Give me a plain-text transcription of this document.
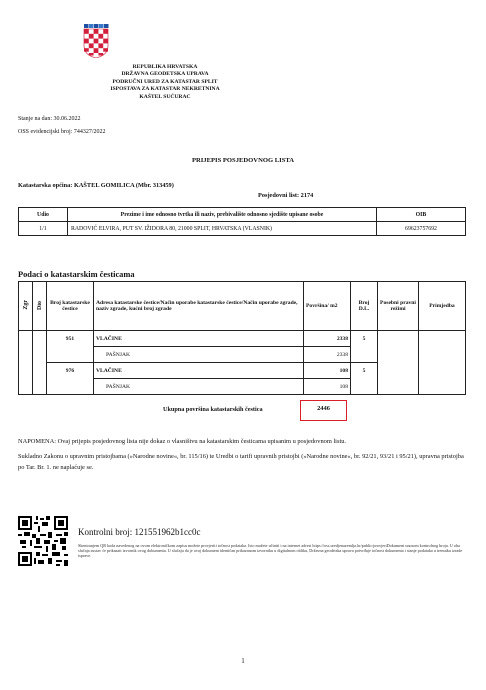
REPUBLIKA HRVATSKA
DRŽAVNA GEODETSKA UPRAVA
PODRUČNI URED ZA KATASTAR SPLIT
ISPOSTAVA ZA KATASTAR NEKRETNINA
KAŠTEL SUĆURAC
Stanje na dan: 30.06.2022
OSS evidencijski broj: 744327/2022
PRIJEPIS POSJEDOVNOG LISTA
Katastarska općina: KAŠTEL GOMILICA (Mbr. 313459)
Posjedovni list: 2174
Udio	Prezime i ime odnosno tvrtka ili naziv, prebivalište odnosno sjedište upisane osobe	OIB
1/1	RADOVIĆ ELVIRA, PUT SV. IŽIDORA 80, 21000 SPLIT, HRVATSKA (VLASNIK)	69623757692
Podaci o katastarskim česticama
Zgr	Dio	Broj katastarske čestice	Adresa katastarske čestice/Način uporabe katastarske čestice/Način uporabe zgrade, naziv zgrade, kućni broj zgrade	Površina/ m2	Broj D.L.	Posebni pravni režimi	Primjedba
		951	VLAČINE	2338	5		
			PAŠNJAK	2338			
		976	VLAČINE	108	5		
			PAŠNJAK	108			
Ukupna površina katastarskih čestica	2446
NAPOMENA: Ovaj prijepis posjedovnog lista nije dokaz o vlasništvu na katastarskim česticama upisanim u posjedovnom listu.
Sukladno Zakonu o upravnim pristojbama (»Narodne novine«, br. 115/16) te Uredbi o tarifi upravnih pristojbi (»Narodne novine«, br. 92/21, 93/21 i 95/21), upravna pristojba po Tar. Br. 1. ne naplaćuje se.
Kontrolni broj: 121551962b1cc0c
Skeniranjem QR koda navedenog na ovom elektroničkom zapisu možete provjeriti točnost podataka. Isto možete učiniti i na internet adresi https://oss.uredjenazemlja.hr/public/provjeriDokument unosom kontrolnog broja. U oba slučaja sustav će prikazati izvornik ovog dokumenta. U slučaju da je ovaj dokument identičan prikazanom izvorniku u digitalnom obliku, Državna geodetska uprava potvrđuje točnost dokumenta i stanje podataka u trenutku izrade isprave.
1
